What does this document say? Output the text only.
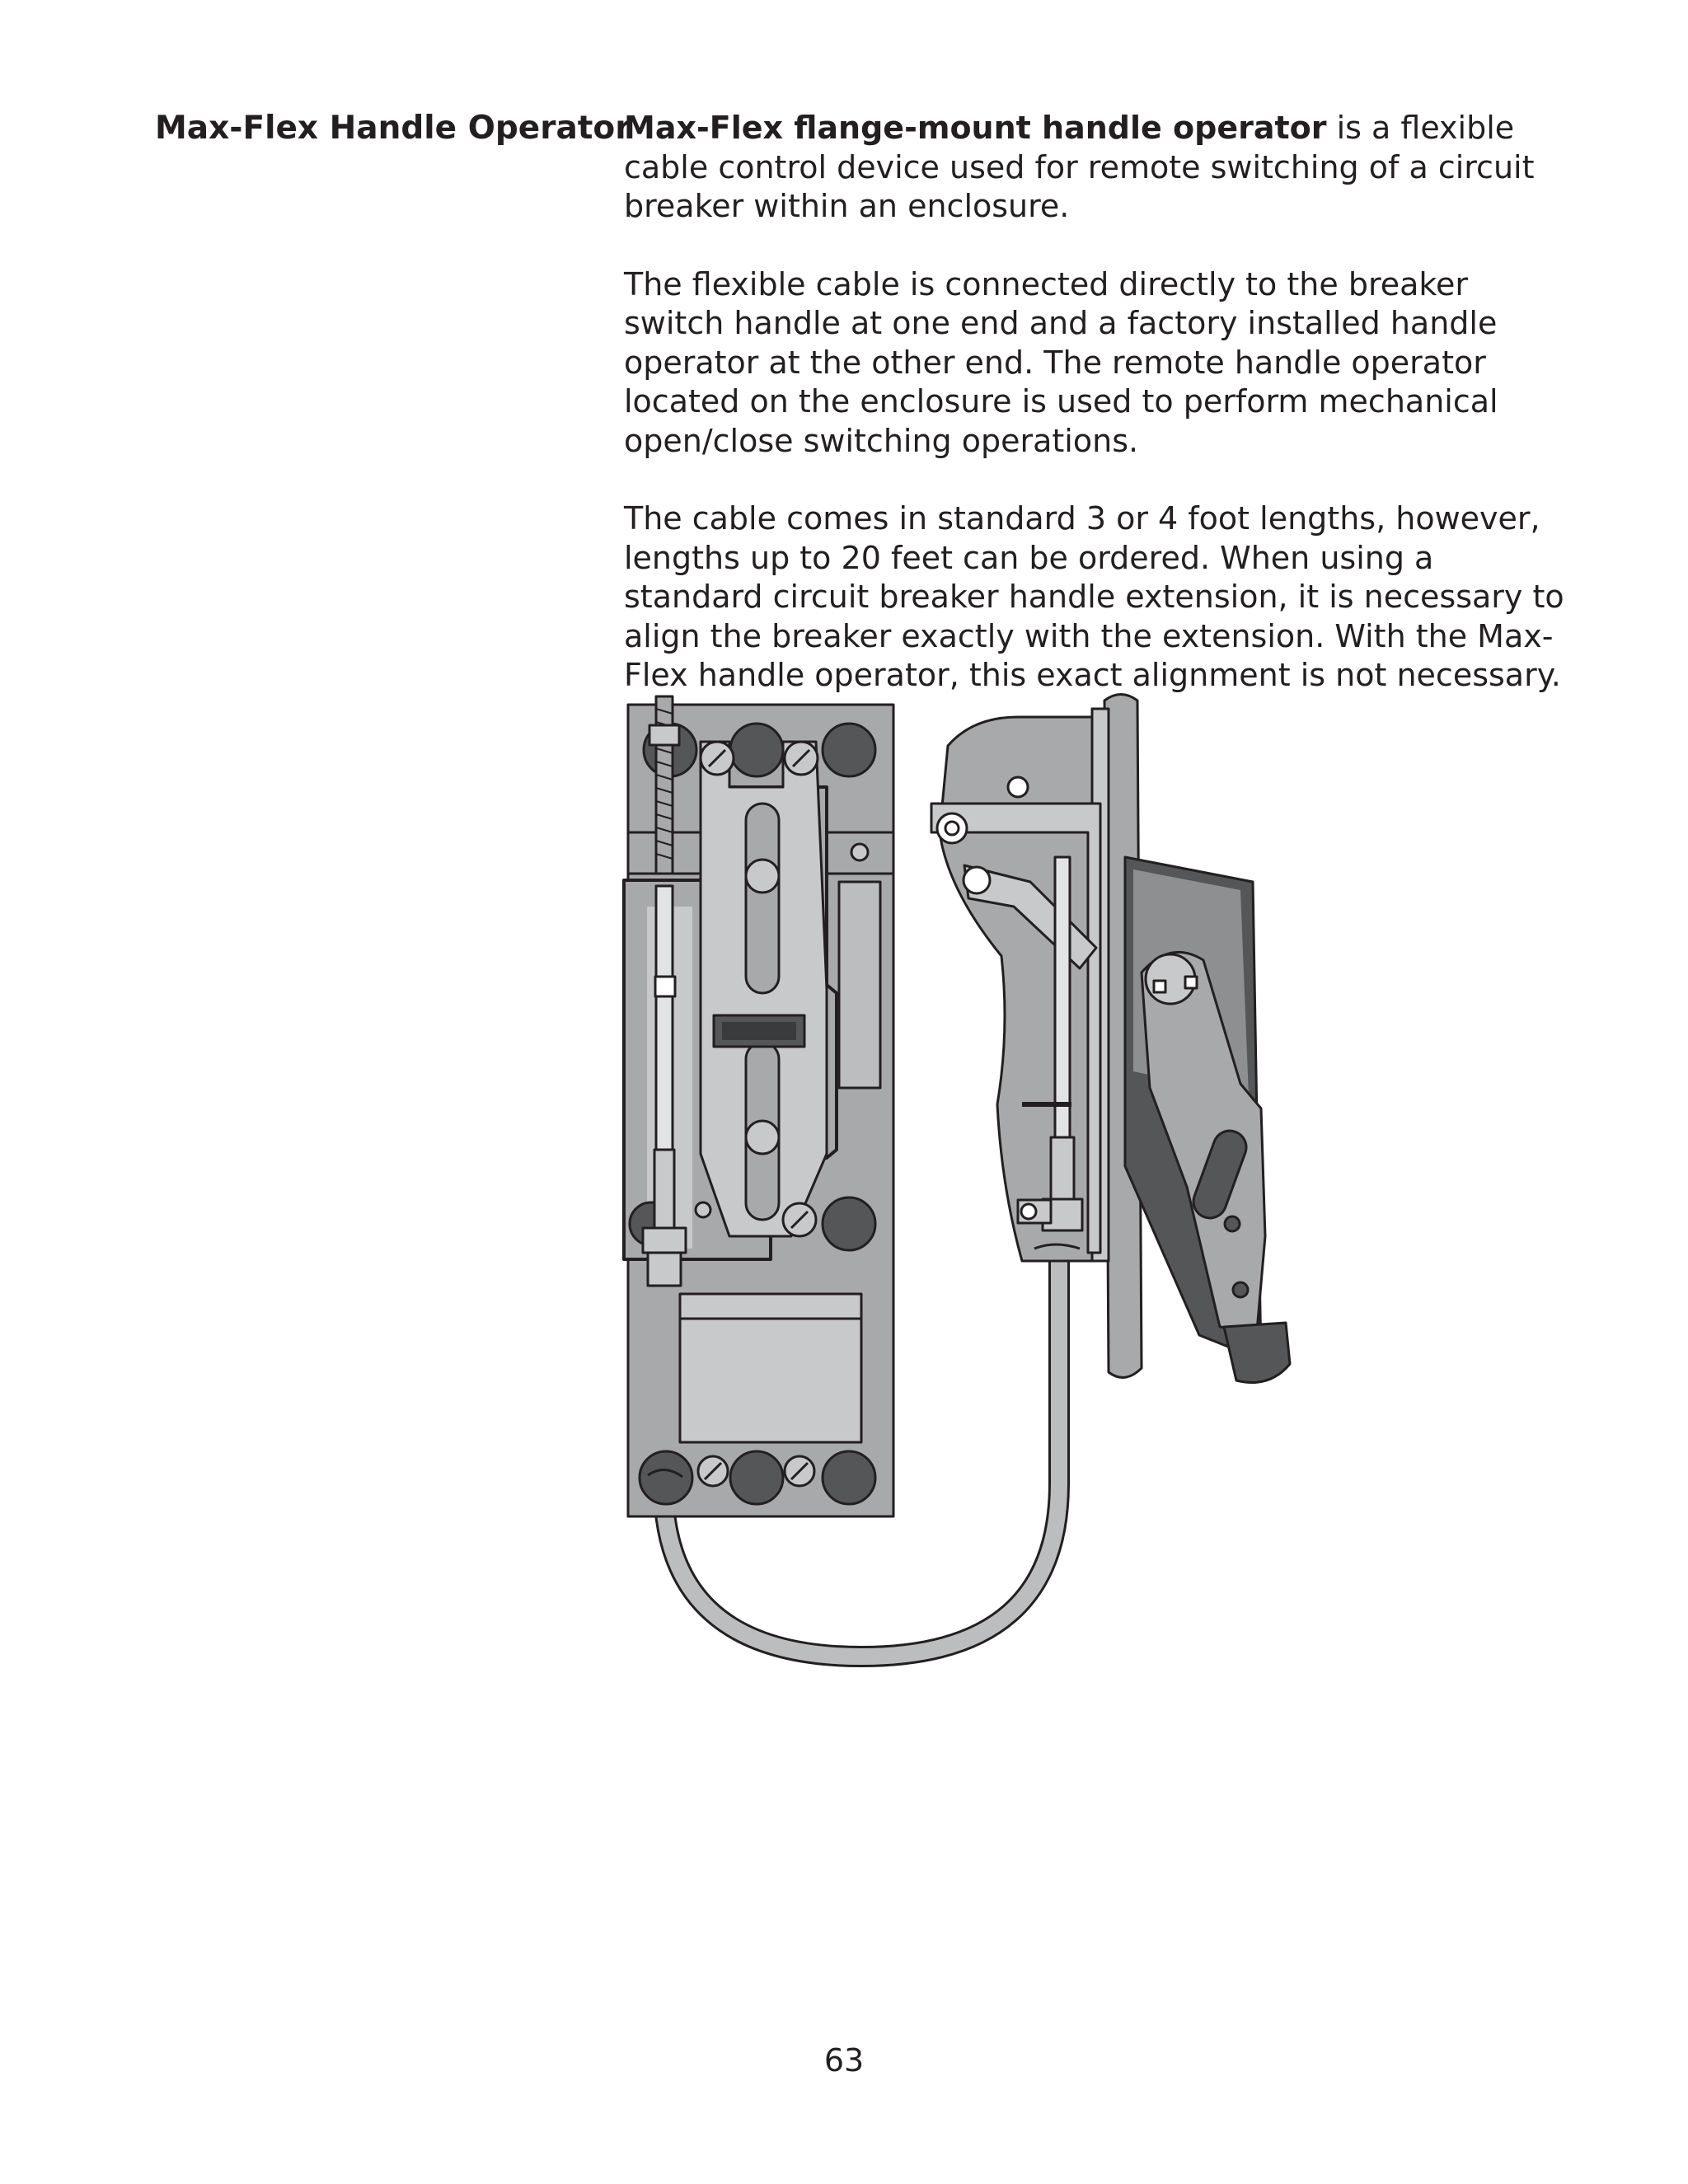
Max-Flex Handle Operator

Max-Flex flange-mount handle operator is a flexible cable control device used for remote switching of a circuit breaker within an enclosure.

The flexible cable is connected directly to the breaker switch handle at one end and a factory installed handle operator at the other end. The remote handle operator located on the enclosure is used to perform mechanical open/close switching operations.

The cable comes in standard 3 or 4 foot lengths, however, lengths up to 20 feet can be ordered. When using a standard circuit breaker handle extension, it is necessary to align the breaker exactly with the extension. With the Max-Flex handle operator, this exact alignment is not necessary.

63
